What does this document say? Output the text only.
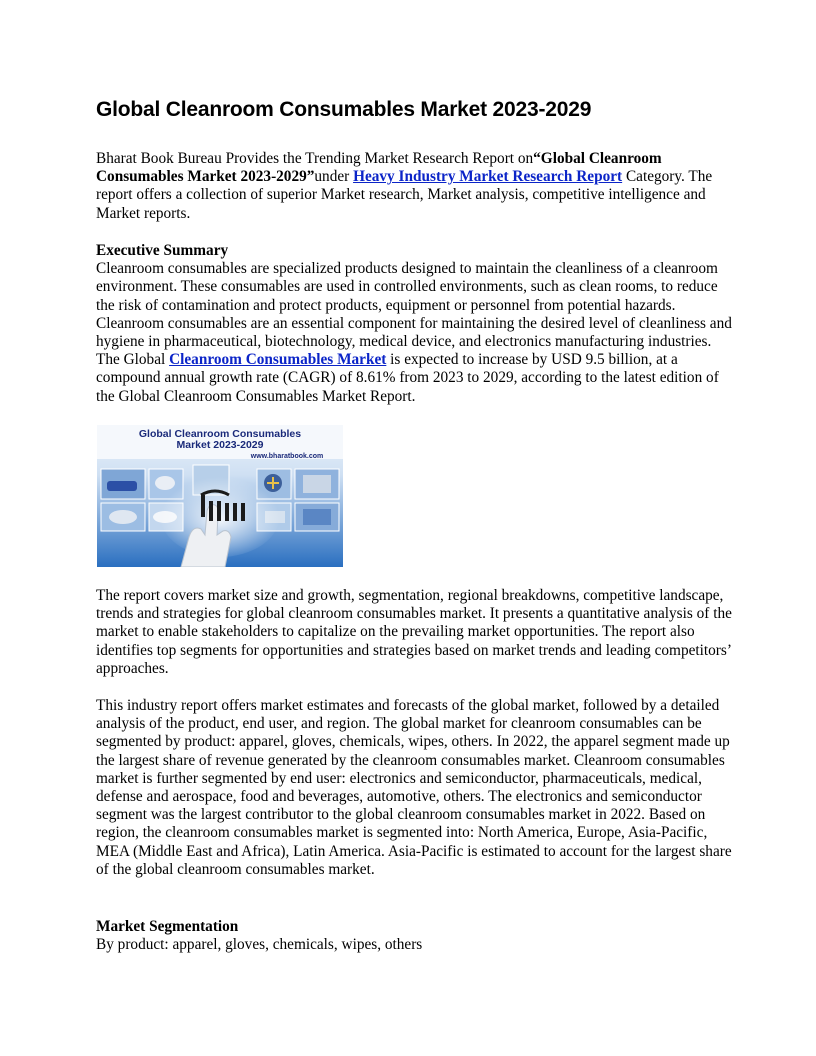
Global Cleanroom Consumables Market 2023-2029

Bharat Book Bureau Provides the Trending Market Research Report on“Global Cleanroom Consumables Market 2023-2029”under Heavy Industry Market Research Report Category. The report offers a collection of superior Market research, Market analysis, competitive intelligence and Market reports.

Executive Summary

Cleanroom consumables are specialized products designed to maintain the cleanliness of a cleanroom environment. These consumables are used in controlled environments, such as clean rooms, to reduce the risk of contamination and protect products, equipment or personnel from potential hazards. Cleanroom consumables are an essential component for maintaining the desired level of cleanliness and hygiene in pharmaceutical, biotechnology, medical device, and electronics manufacturing industries. The Global Cleanroom Consumables Market is expected to increase by USD 9.5 billion, at a compound annual growth rate (CAGR) of 8.61% from 2023 to 2029, according to the latest edition of the Global Cleanroom Consumables Market Report.

Global Cleanroom Consumables
Market 2023-2029
www.bharatbook.com

The report covers market size and growth, segmentation, regional breakdowns, competitive landscape, trends and strategies for global cleanroom consumables market. It presents a quantitative analysis of the market to enable stakeholders to capitalize on the prevailing market opportunities. The report also identifies top segments for opportunities and strategies based on market trends and leading competitors’ approaches.

This industry report offers market estimates and forecasts of the global market, followed by a detailed analysis of the product, end user, and region. The global market for cleanroom consumables can be segmented by product: apparel, gloves, chemicals, wipes, others. In 2022, the apparel segment made up the largest share of revenue generated by the cleanroom consumables market. Cleanroom consumables market is further segmented by end user: electronics and semiconductor, pharmaceuticals, medical, defense and aerospace, food and beverages, automotive, others. The electronics and semiconductor segment was the largest contributor to the global cleanroom consumables market in 2022. Based on region, the cleanroom consumables market is segmented into: North America, Europe, Asia-Pacific, MEA (Middle East and Africa), Latin America. Asia-Pacific is estimated to account for the largest share of the global cleanroom consumables market.

Market Segmentation

By product: apparel, gloves, chemicals, wipes, others
